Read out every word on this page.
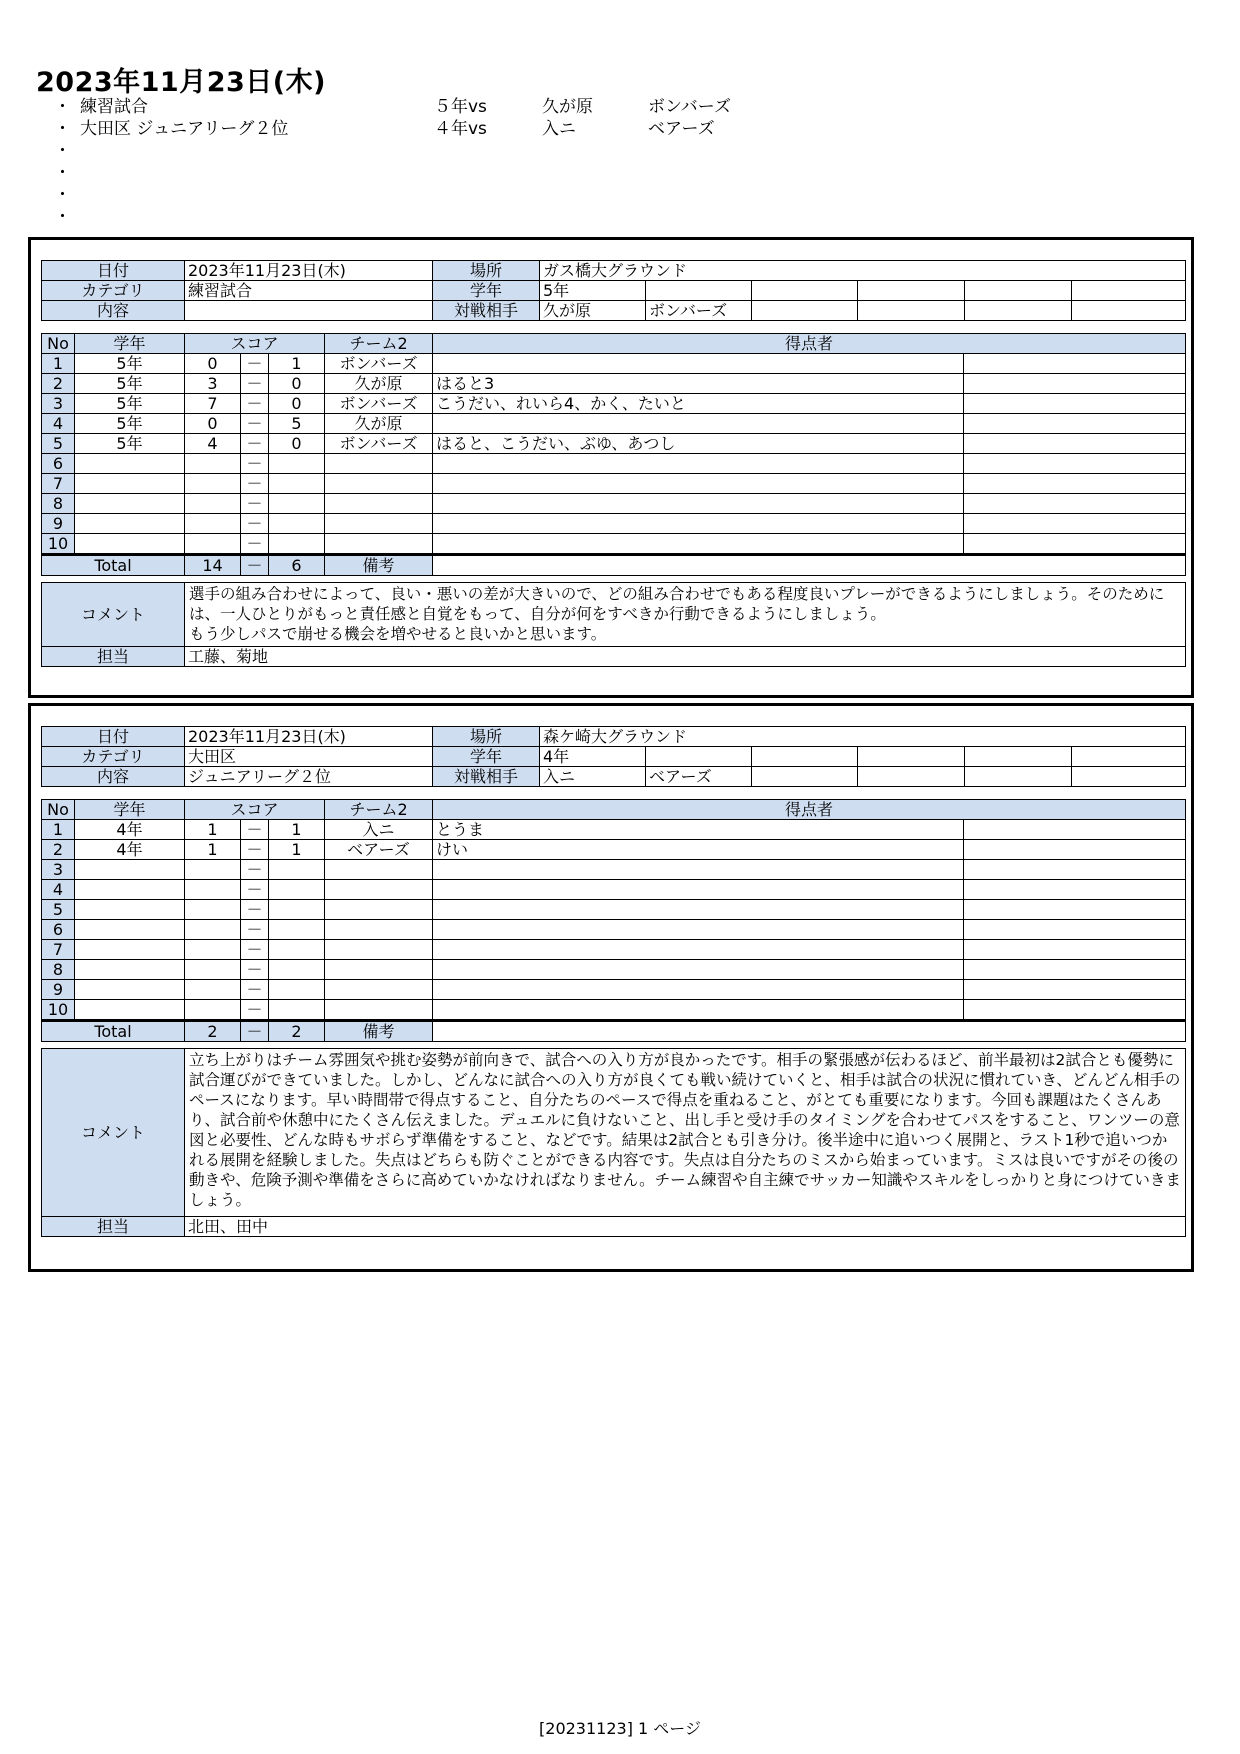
2023年11月23日(木)
・ 練習試合	５年vs	久が原	ボンバーズ
・ 大田区 ジュニアリーグ２位	４年vs	入ニ	ベアーズ
・
・
・
・
日付	2023年11月23日(木)	場所	ガス橋大グラウンド					
カテゴリ	練習試合	学年	5年					
内容		対戦相手	久が原	ボンバーズ				
No	学年	スコア			チーム2	得点者	
1	5年	0	－	1	ボンバーズ		
2	5年	3	－	0	久が原	はると3	
3	5年	7	－	0	ボンバーズ	こうだい、れいら4、かく、たいと	
4	5年	0	－	5	久が原		
5	5年	4	－	0	ボンバーズ	はると、こうだい、ぶゆ、あつし	
6			－				
7			－				
8			－				
9			－				
10			－				
Total		14	－	6	備考		
コメント	選手の組み合わせによって、良い・悪いの差が大きいので、どの組み合わせでもある程度良いプレーができるようにしましょう。そのためには、一人ひとりがもっと責任感と自覚をもって、自分が何をすべきか行動できるようにしましょう。
もう少しパスで崩せる機会を増やせると良いかと思います。
担当	工藤、菊地
日付	2023年11月23日(木)	場所	森ケ崎大グラウンド					
カテゴリ	大田区	学年	4年					
内容	ジュニアリーグ２位	対戦相手	入ニ	ベアーズ				
No	学年	スコア			チーム2	得点者	
1	4年	1	－	1	入ニ	とうま	
2	4年	1	－	1	ベアーズ	けい	
3			－				
4			－				
5			－				
6			－				
7			－				
8			－				
9			－				
10			－				
Total		2	－	2	備考		
コメント	立ち上がりはチーム雰囲気や挑む姿勢が前向きで、試合への入り方が良かったです。相手の緊張感が伝わるほど、前半最初は2試合とも優勢に試合運びができていました。しかし、どんなに試合への入り方が良くても戦い続けていくと、相手は試合の状況に慣れていき、どんどん相手のペースになります。早い時間帯で得点すること、自分たちのペースで得点を重ねること、がとても重要になります。今回も課題はたくさんあり、試合前や休憩中にたくさん伝えました。デュエルに負けないこと、出し手と受け手のタイミングを合わせてパスをすること、ワンツーの意図と必要性、どんな時もサボらず準備をすること、などです。結果は2試合とも引き分け。後半途中に追いつく展開と、ラスト1秒で追いつかれる展開を経験しました。失点はどちらも防ぐことができる内容です。失点は自分たちのミスから始まっています。ミスは良いですがその後の動きや、危険予測や準備をさらに高めていかなければなりません。チーム練習や自主練でサッカー知識やスキルをしっかりと身につけていきましょう。
担当	北田、田中
[20231123] 1 ページ
